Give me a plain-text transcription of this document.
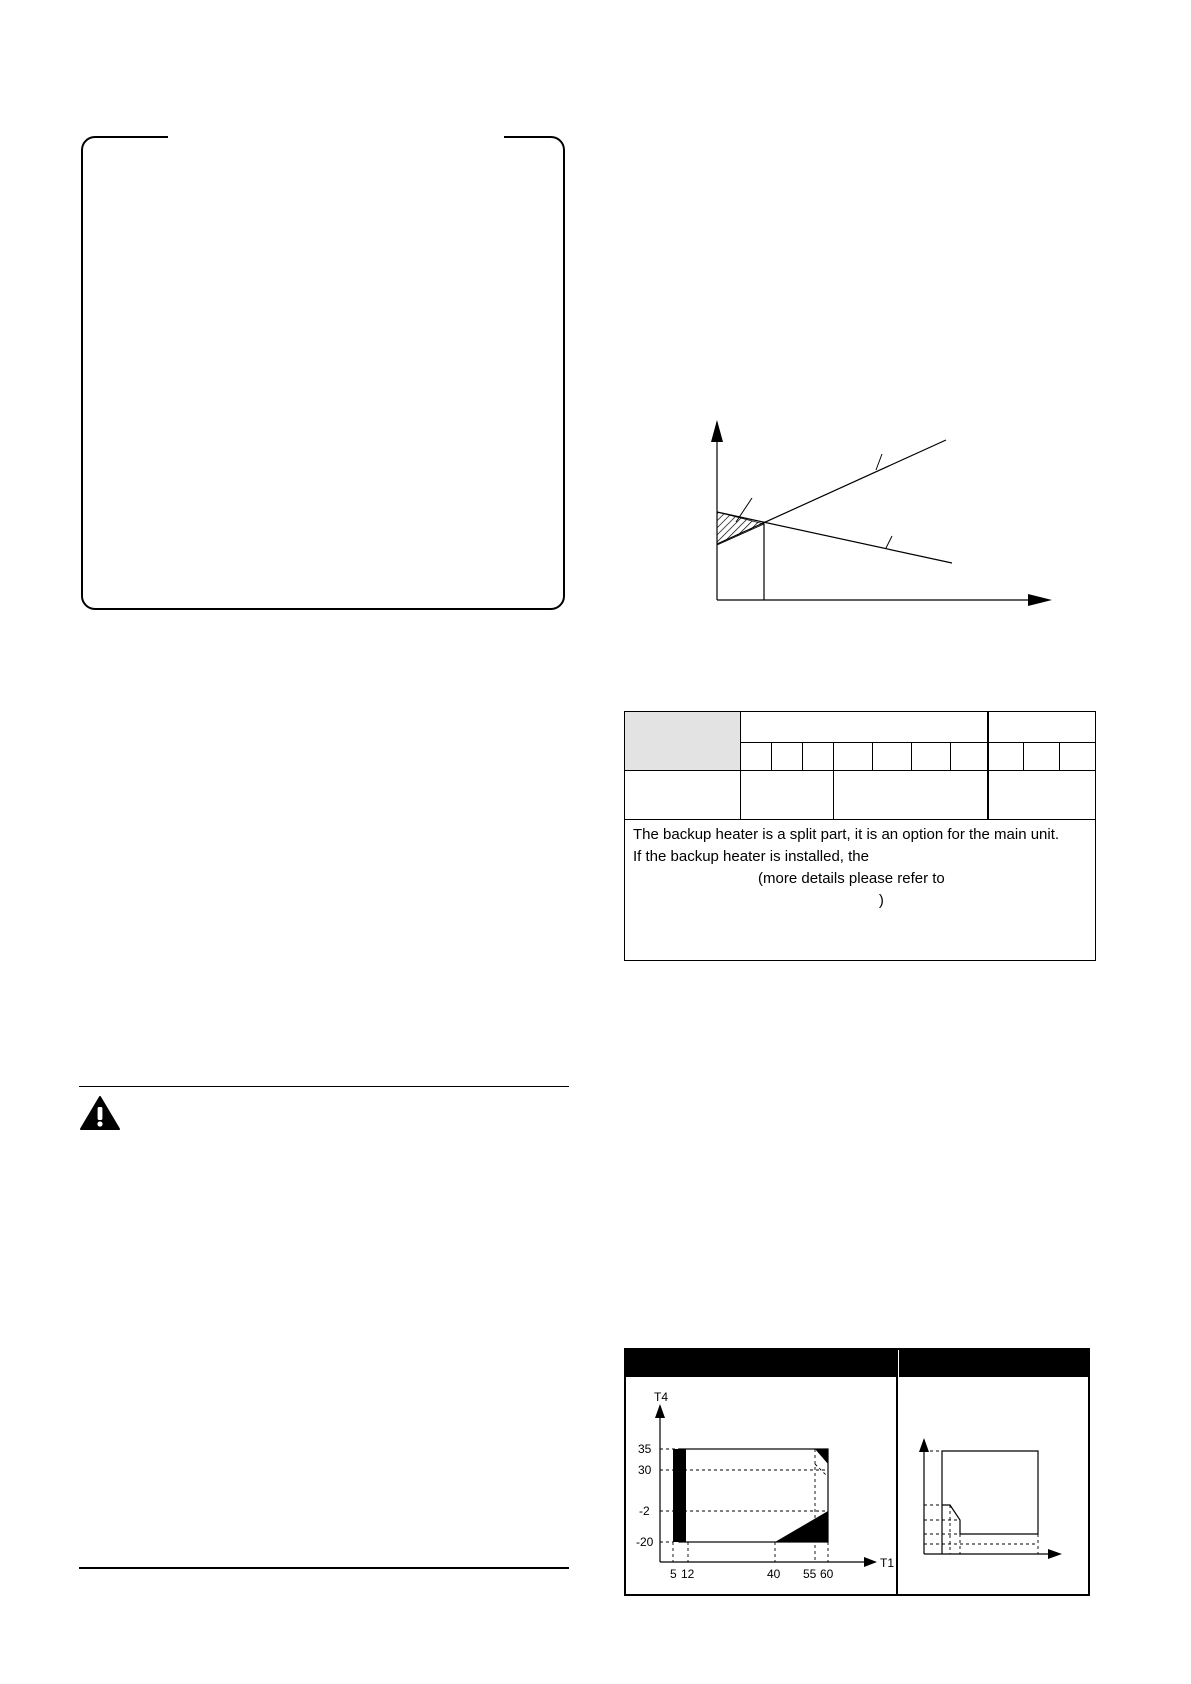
The backup heater is a split part, it is an option for the main unit.
If the backup heater is installed, the
(more details please refer to
)										
T4
T1
35
30
-2
-20
5 12	40 55 60
